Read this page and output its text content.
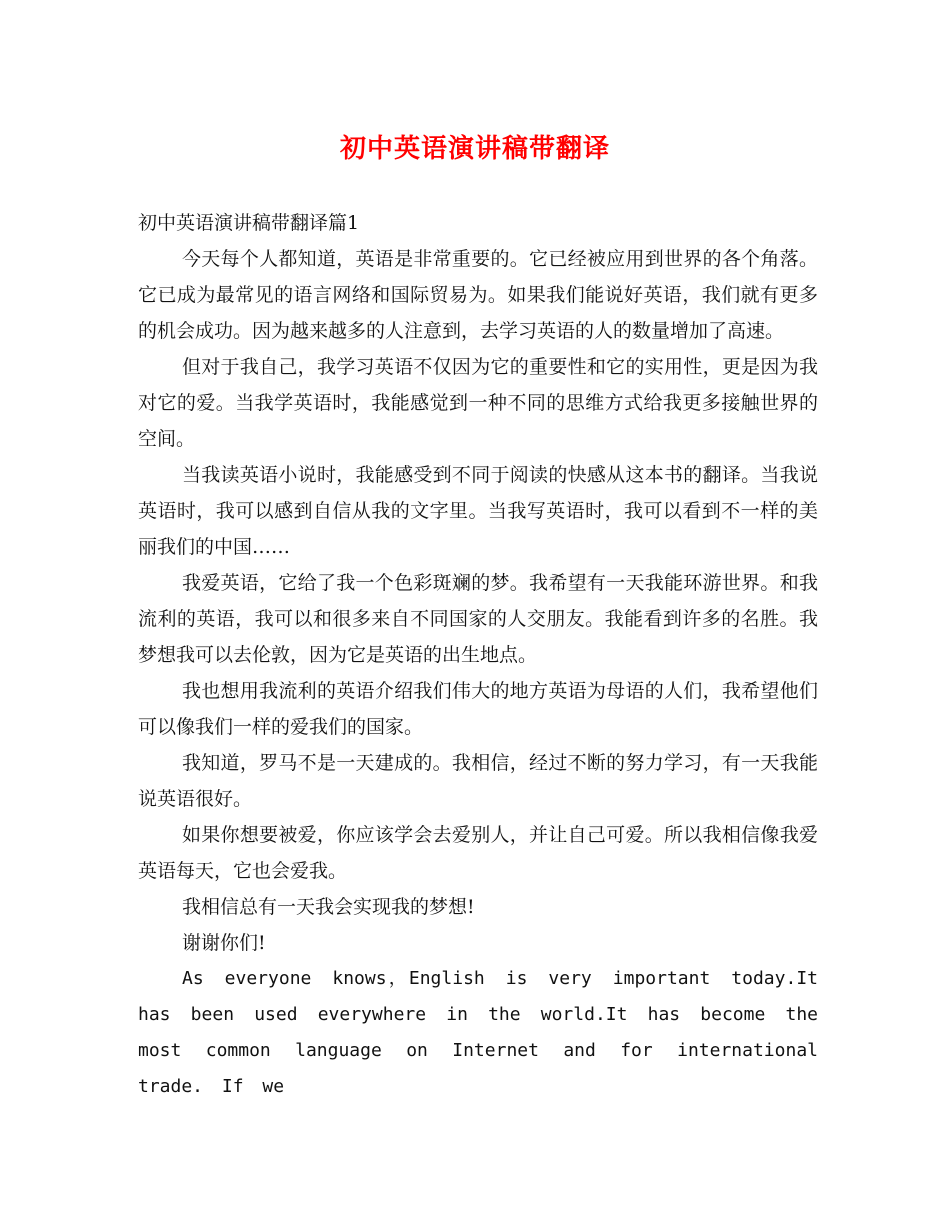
初中英语演讲稿带翻译

初中英语演讲稿带翻译篇1

今天每个人都知道，英语是非常重要的。它已经被应用到世界的各个角落。它已成为最常见的语言网络和国际贸易为。如果我们能说好英语，我们就有更多的机会成功。因为越来越多的人注意到，去学习英语的人的数量增加了高速。

但对于我自己，我学习英语不仅因为它的重要性和它的实用性，更是因为我对它的爱。当我学英语时，我能感觉到一种不同的思维方式给我更多接触世界的空间。

当我读英语小说时，我能感受到不同于阅读的快感从这本书的翻译。当我说英语时，我可以感到自信从我的文字里。当我写英语时，我可以看到不一样的美丽我们的中国……

我爱英语，它给了我一个色彩斑斓的梦。我希望有一天我能环游世界。和我流利的英语，我可以和很多来自不同国家的人交朋友。我能看到许多的名胜。我梦想我可以去伦敦，因为它是英语的出生地点。

我也想用我流利的英语介绍我们伟大的地方英语为母语的人们，我希望他们可以像我们一样的爱我们的国家。

我知道，罗马不是一天建成的。我相信，经过不断的努力学习，有一天我能说英语很好。

如果你想要被爱，你应该学会去爱别人，并让自己可爱。所以我相信像我爱英语每天，它也会爱我。

我相信总有一天我会实现我的梦想!

谢谢你们!

As everyone knows，English is very important today.It has been used everywhere in the world.It has become the most common language on Internet and for international trade. If we
